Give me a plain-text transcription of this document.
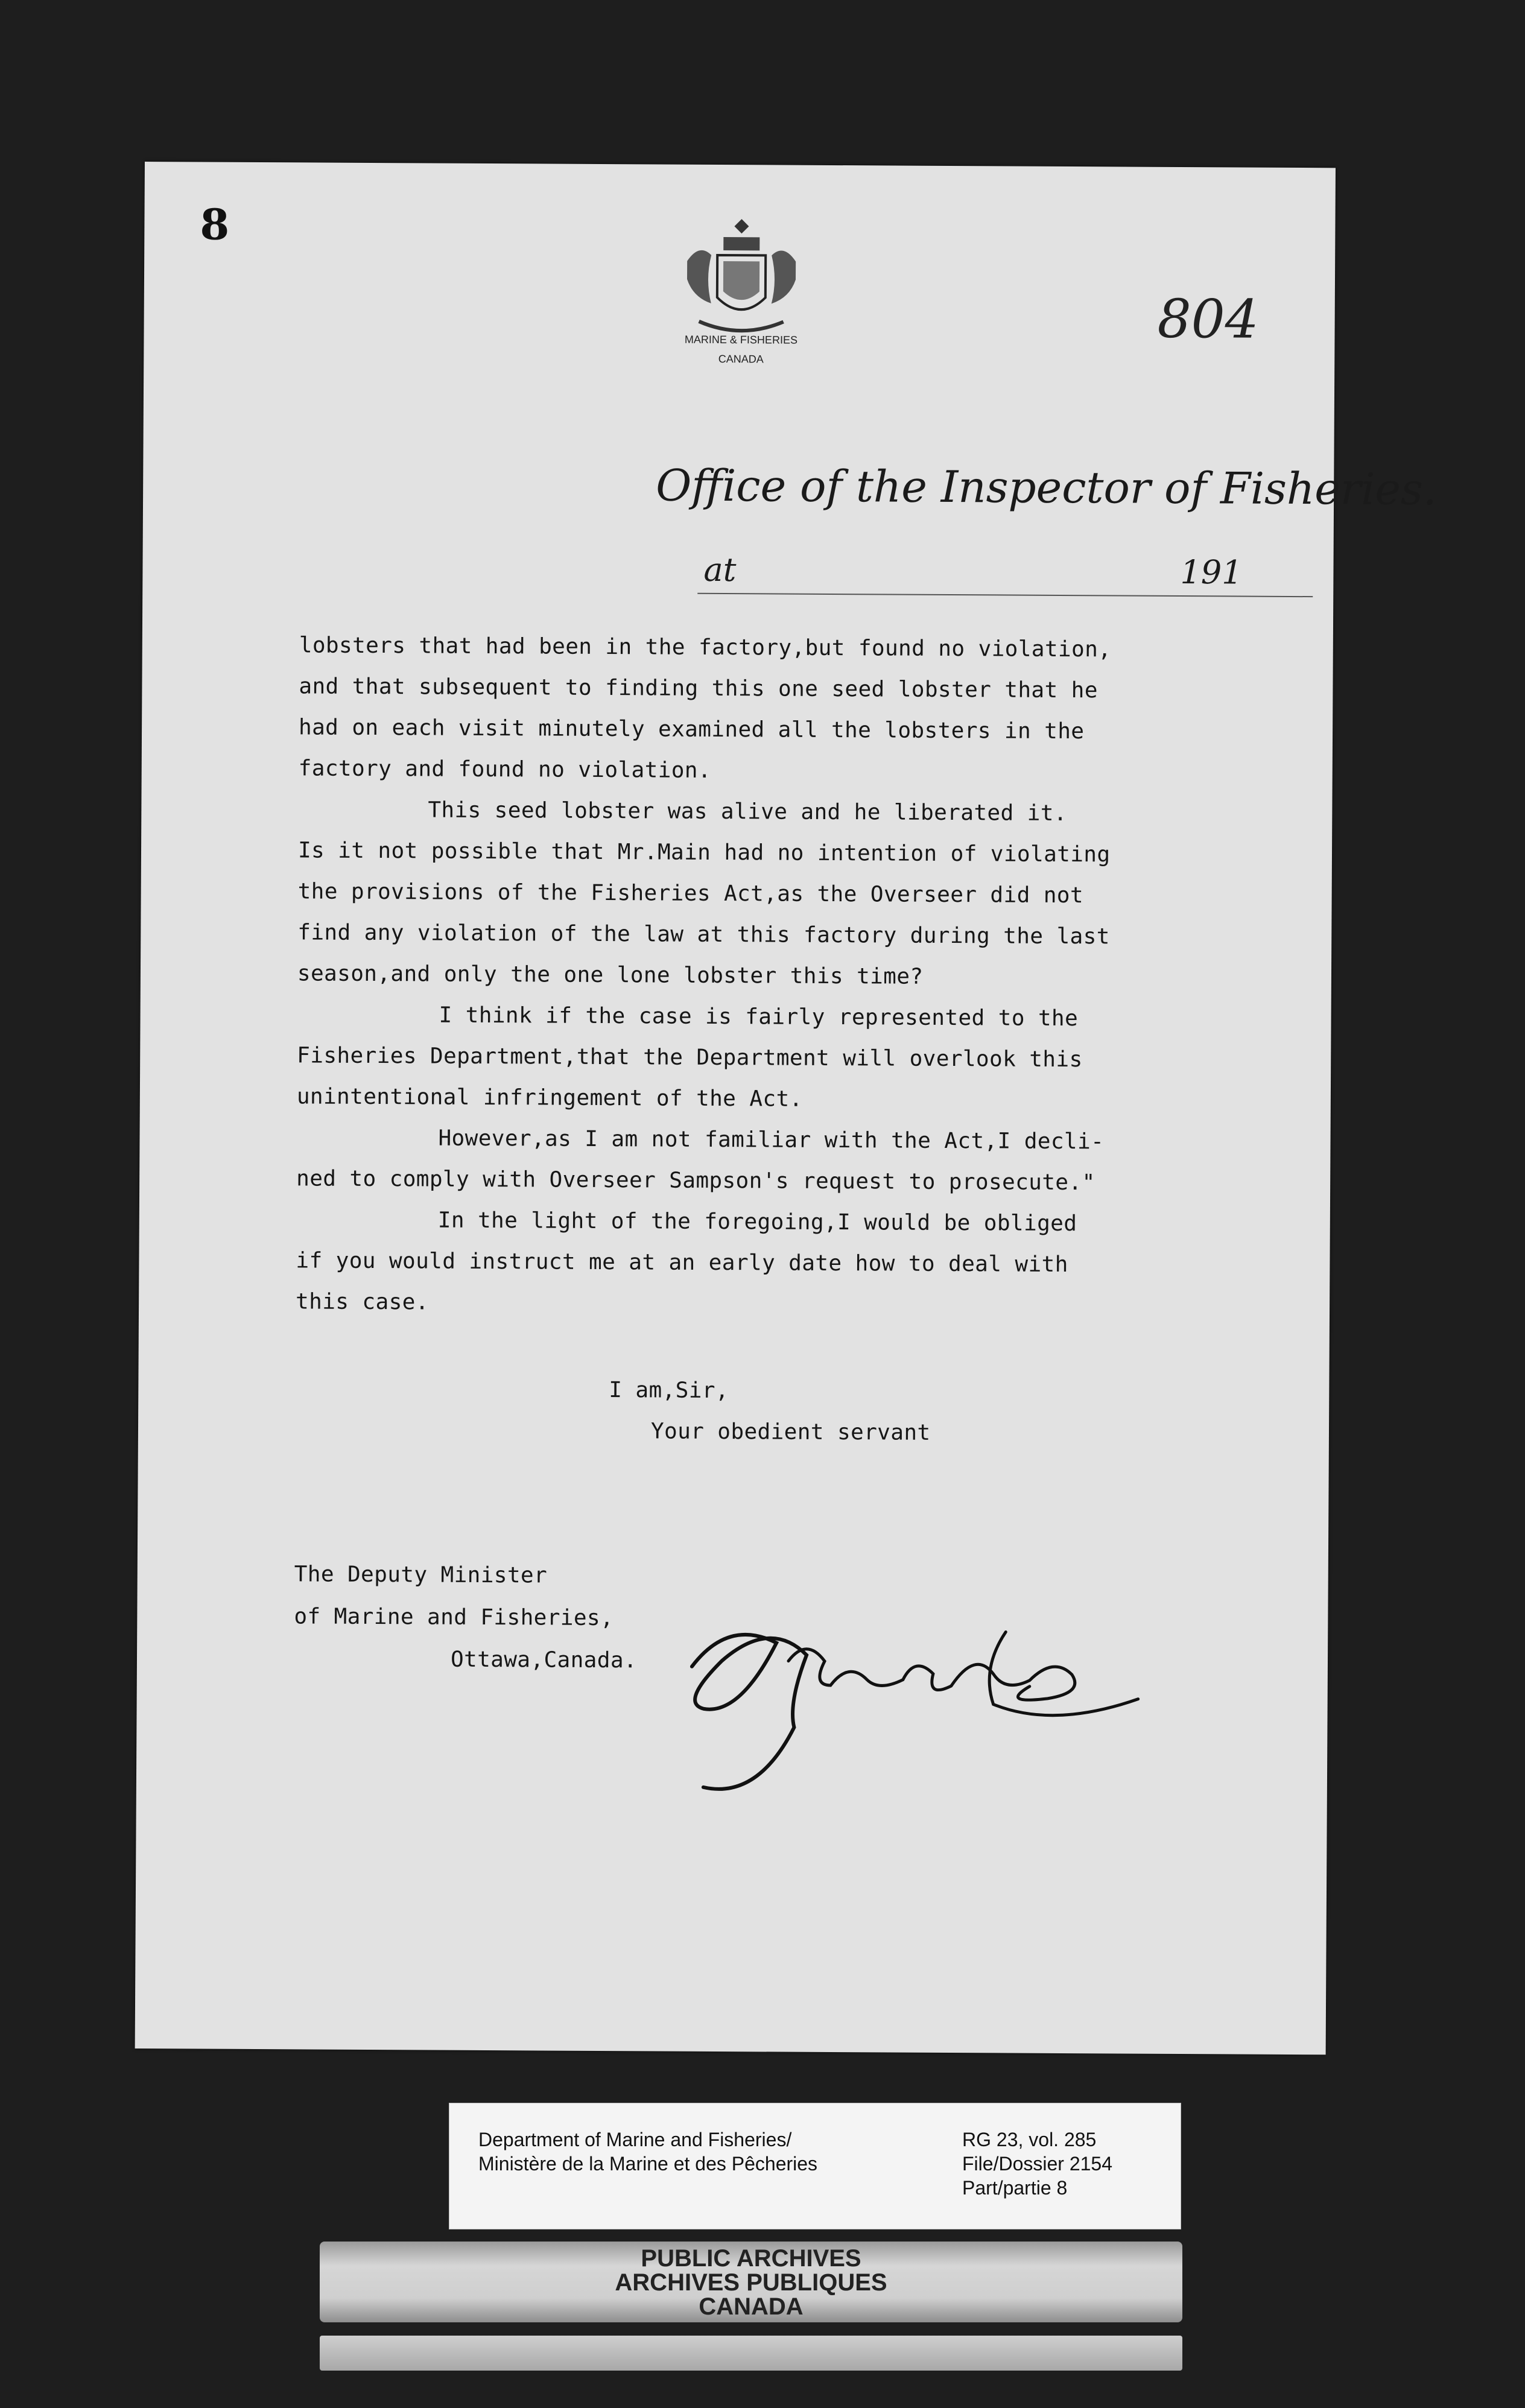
8
MARINE & FISHERIES
CANADA
804
Office of the Inspector of Fisheries.
at	191
lobsters that had been in the factory,but found no violation,
and that subsequent to finding this one seed lobster that he
had on each visit minutely examined all the lobsters in the
factory and found no violation.
This seed lobster was alive and he liberated it.
Is it not possible that Mr.Main had no intention of violating
the provisions of the Fisheries Act,as the Overseer did not
find any violation of the law at this factory during the last
season,and only the one lone lobster this time?
I think if the case is fairly represented to the
Fisheries Department,that the Department will overlook this
unintentional infringement of the Act.
However,as I am not familiar with the Act,I decli-
ned to comply with Overseer Sampson's request to prosecute."
In the light of the foregoing,I would be obliged
if you would instruct me at an early date how to deal with
this case.
I am,Sir,
Your obedient servant
The Deputy Minister
of Marine and Fisheries,
Ottawa,Canada.
Department of Marine and Fisheries/
Ministère de la Marine et des Pêcheries
RG 23, vol. 285
File/Dossier 2154
Part/partie 8
PUBLIC ARCHIVES
ARCHIVES PUBLIQUES
CANADA
